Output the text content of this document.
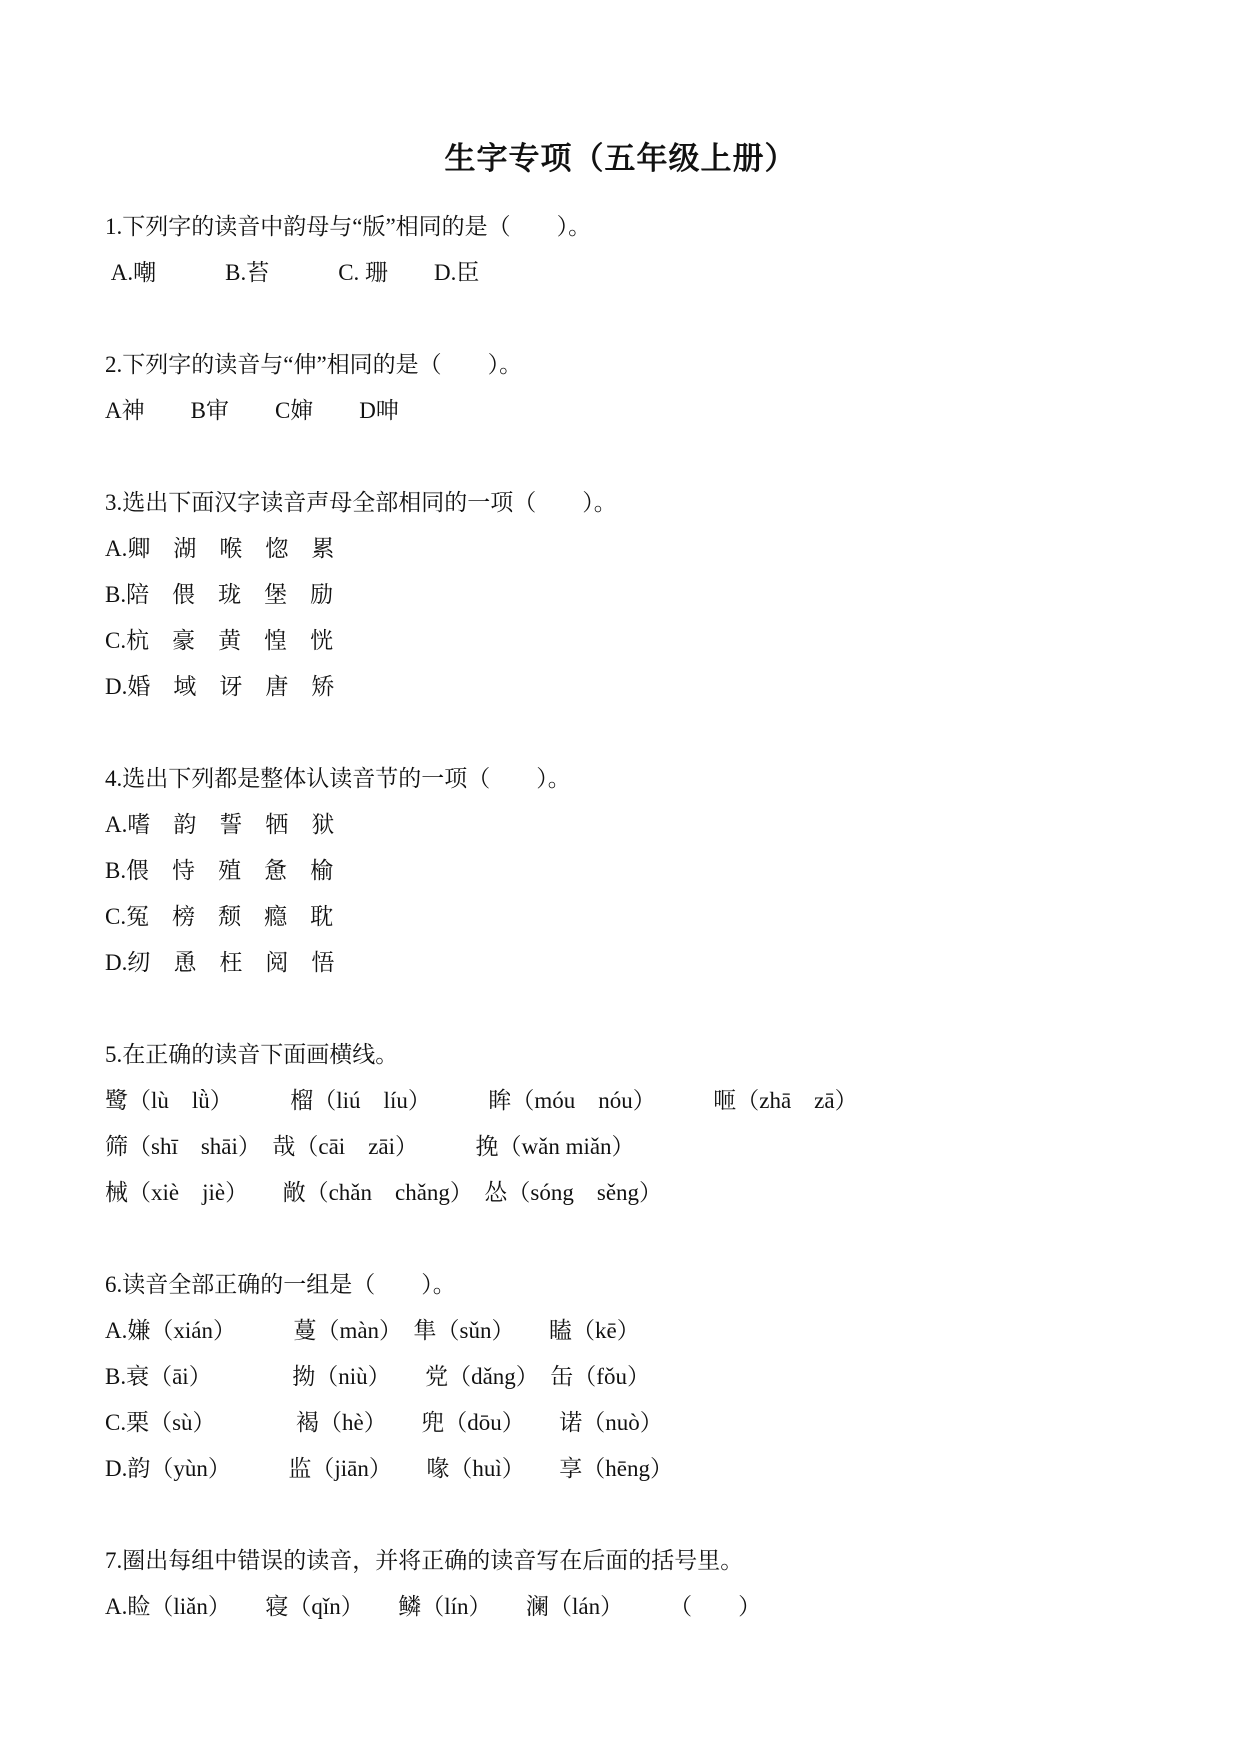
生字专项（五年级上册）

1.下列字的读音中韵母与“版”相同的是（　　）。

A.嘲　　　B.苔　　　C. 珊　　D.臣

2.下列字的读音与“伸”相同的是（　　）。

A神　　B审　　C婶　　D呻

3.选出下面汉字读音声母全部相同的一项（　　）。

A.卿　湖　喉　惚　累

B.陪　偎　珑　堡　励

C.杭　豪　黄　惶　恍

D.婚　域　讶　唐　矫

4.选出下列都是整体认读音节的一项（　　）。

A.嗜　韵　誓　牺　狱

B.偎　恃　殖　惫　榆

C.冤　榜　颓　瘾　耽

D.纫　恿　枉　阅　悟

5.在正确的读音下面画横线。

鹭（lù　lǜ）　　　榴（liú　líu）　　　眸（móu　nóu）　　　咂（zhā　zā）

筛（shī　shāi）　哉（cāi　zāi）　　　挽（wǎn miǎn）

械（xiè　jiè）　　敞（chǎn　chǎng）　怂（sóng　sěng）

6.读音全部正确的一组是（　　）。

A.嫌（xián）　　　蔓（màn）　隼（sǔn）　　瞌（kē）

B.衰（āi）　　　　拗（niù）　　党（dǎng）　缶（fǒu）

C.栗（sù）　　　　褐（hè）　　兜（dōu）　　诺（nuò）

D.韵（yùn）　　　监（jiān）　　喙（huì）　　享（hēng）

7.圈出每组中错误的读音，并将正确的读音写在后面的括号里。

A.睑（liǎn）　　寝（qǐn）　　鳞（lín）　　澜（lán）　　　（　　）
